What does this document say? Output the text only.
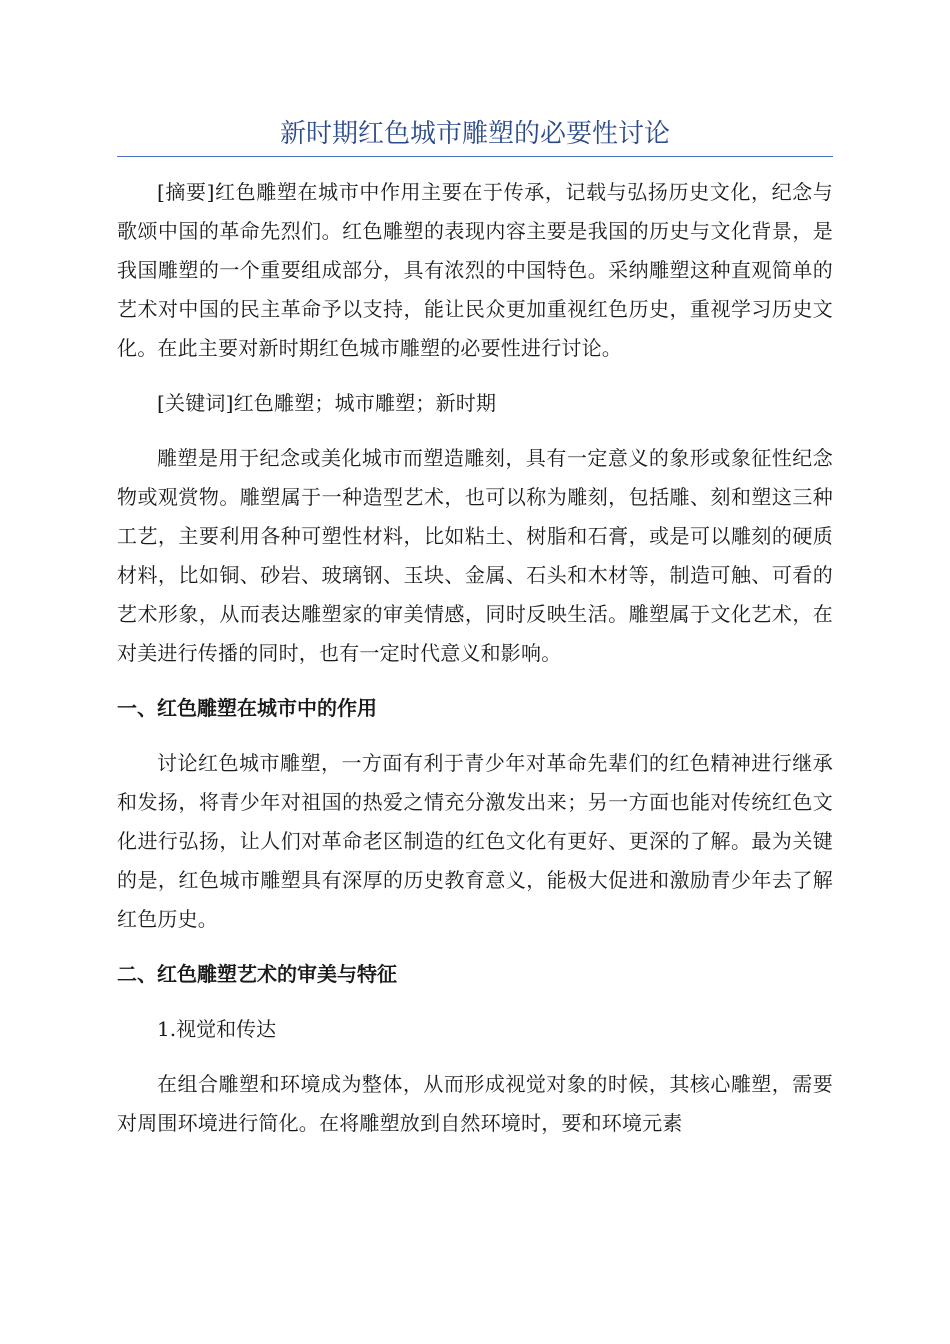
新时期红色城市雕塑的必要性讨论

[摘要]红色雕塑在城市中作用主要在于传承，记载与弘扬历史文化，纪念与歌颂中国的革命先烈们。红色雕塑的表现内容主要是我国的历史与文化背景，是我国雕塑的一个重要组成部分，具有浓烈的中国特色。采纳雕塑这种直观简单的艺术对中国的民主革命予以支持，能让民众更加重视红色历史，重视学习历史文化。在此主要对新时期红色城市雕塑的必要性进行讨论。

[关键词]红色雕塑；城市雕塑；新时期

雕塑是用于纪念或美化城市而塑造雕刻，具有一定意义的象形或象征性纪念物或观赏物。雕塑属于一种造型艺术，也可以称为雕刻，包括雕、刻和塑这三种工艺，主要利用各种可塑性材料，比如粘土、树脂和石膏，或是可以雕刻的硬质材料，比如铜、砂岩、玻璃钢、玉块、金属、石头和木材等，制造可触、可看的艺术形象，从而表达雕塑家的审美情感，同时反映生活。雕塑属于文化艺术，在对美进行传播的同时，也有一定时代意义和影响。

一、红色雕塑在城市中的作用

讨论红色城市雕塑，一方面有利于青少年对革命先辈们的红色精神进行继承和发扬，将青少年对祖国的热爱之情充分激发出来；另一方面也能对传统红色文化进行弘扬，让人们对革命老区制造的红色文化有更好、更深的了解。最为关键的是，红色城市雕塑具有深厚的历史教育意义，能极大促进和激励青少年去了解红色历史。

二、红色雕塑艺术的审美与特征
1.视觉和传达

在组合雕塑和环境成为整体，从而形成视觉对象的时候，其核心雕塑，需要对周围环境进行简化。在将雕塑放到自然环境时，要和环境元素
